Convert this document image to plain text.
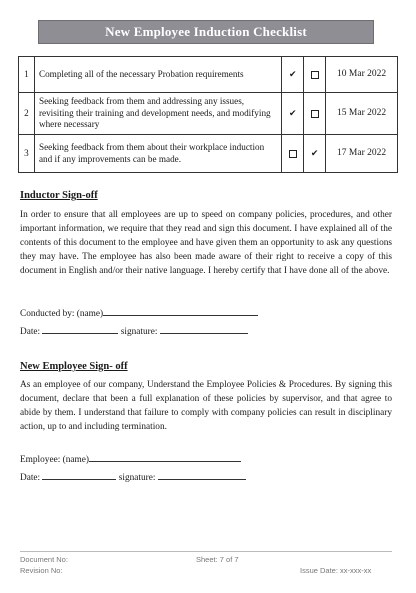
New Employee Induction Checklist
1	Completing all of the necessary Probation requirements	✔		10 Mar 2022
2	Seeking feedback from them and addressing any issues, revisiting their training and development needs, and modifying where necessary	✔		15 Mar 2022
3	Seeking feedback from them about their workplace induction and if any improvements can be made.		✔	17 Mar 2022
Inductor Sign-off
In order to ensure that all employees are up to speed on company policies, procedures, and other important information, we require that they read and sign this document. I have explained all of the contents of this document to the employee and have given them an opportunity to ask any questions they may have. The employee has also been made aware of their right to receive a copy of this document in English and/or their native language. I hereby certify that I have done all of the above.
Conducted by: (name)
Date:	signature:
New Employee Sign- off
As an employee of our company, Understand the Employee Policies & Procedures. By signing this document, declare that been a full explanation of these policies by supervisor, and that agree to abide by them. I understand that failure to comply with company policies can result in disciplinary action, up to and including termination.
Employee: (name)
Date:	signature:
Document No:
Revision No:
Sheet: 7 of 7
Issue Date: xx-xxx-xx
